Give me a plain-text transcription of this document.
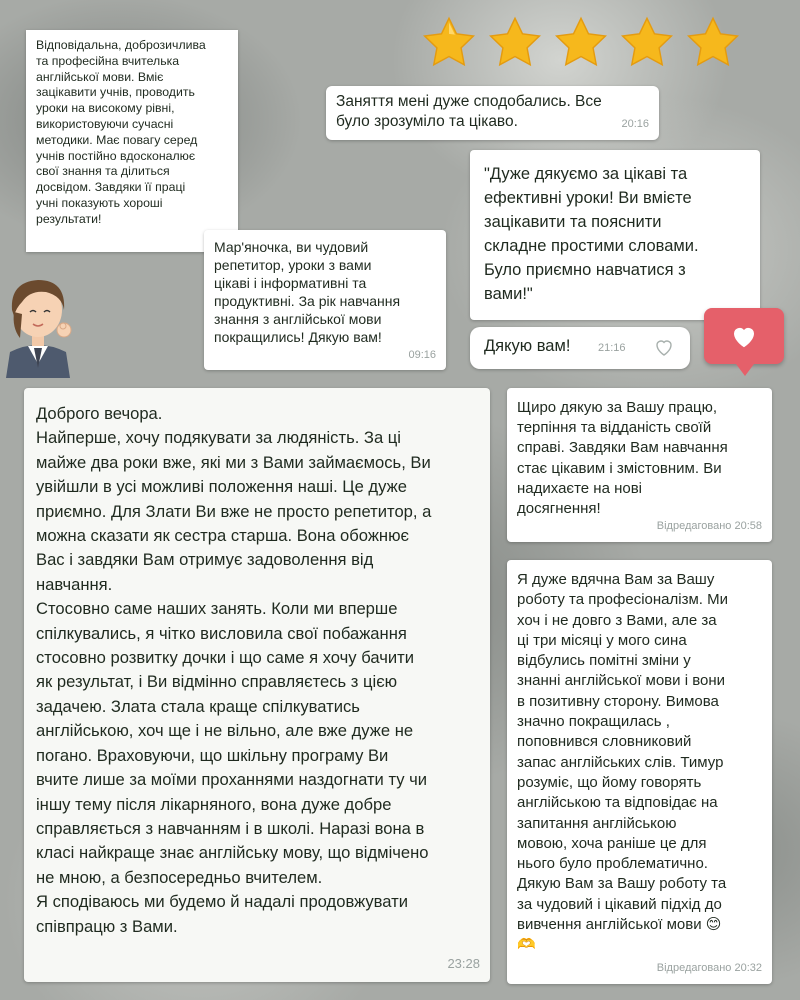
Відповідальна, доброзичлива
та професійна вчителька
англійської мови. Вміє
зацікавити учнів, проводить
уроки на високому рівні,
використовуючи сучасні
методики. Має повагу серед
учнів постійно вдосконалює
свої знання та ділиться
досвідом. Завдяки її праці
учні показують хороші
результати!

Заняття мені дуже сподобались. Все
було зрозуміло та цікаво.	20:16

"Дуже дякуємо за цікаві та
ефективні уроки! Ви вмієте
зацікавити та пояснити
складне простими словами.
Було приємно навчатися з
вами!"

Дякую вам!	21:16

Мар'яночка, ви чудовий
репетитор, уроки з вами
цікаві і інформативні та
продуктивні. За рік навчання
знання з англійської мови
покращились! Дякую вам!

09:16

Доброго вечора.
Найперше, хочу подякувати за людяність. За ці
майже два роки вже, які ми з Вами займаємось, Ви
увійшли в усі можливі положення наші. Це дуже
приємно. Для Злати Ви вже не просто репетитор, а
можна сказати як сестра старша. Вона обожнює
Вас і завдяки Вам отримує задоволення від
навчання.
Стосовно саме наших занять. Коли ми вперше
спілкувались, я чітко висловила свої побажання
стосовно розвитку дочки і що саме я хочу бачити
як результат, і Ви відмінно справляєтесь з цією
задачею. Злата стала краще спілкуватись
англійською, хоч ще і не вільно, але вже дуже не
погано. Враховуючи, що шкільну програму Ви
вчите лише за моїми проханнями наздогнати ту чи
іншу тему після лікарняного, вона дуже добре
справляється з навчанням і в школі. Наразі вона в
класі найкраще знає англійську мову, що відмічено
не мною, а безпосередньо вчителем.
Я сподіваюсь ми будемо й надалі продовжувати
співпрацю з Вами.

23:28

Щиро дякую за Вашу працю,
терпіння та відданість своїй
справі. Завдяки Вам навчання
стає цікавим і змістовним. Ви
надихаєте на нові
досягнення!

Відредаговано 20:58

Я дуже вдячна Вам за Вашу
роботу та професіоналізм. Ми
хоч і не довго з Вами, але за
ці три місяці у мого сина
відбулись помітні зміни у
знанні англійської мови і вони
в позитивну сторону. Вимова
значно покращилась ,
поповнився словниковий
запас англійських слів. Тимур
розуміє, що йому говорять
англійською та відповідає на
запитання англійською
мовою, хоча раніше це для
нього було проблематично.
Дякую Вам за Вашу роботу та
за чудовий і цікавий підхід до
вивчення англійської мови 😊
🫶

Відредаговано 20:32
